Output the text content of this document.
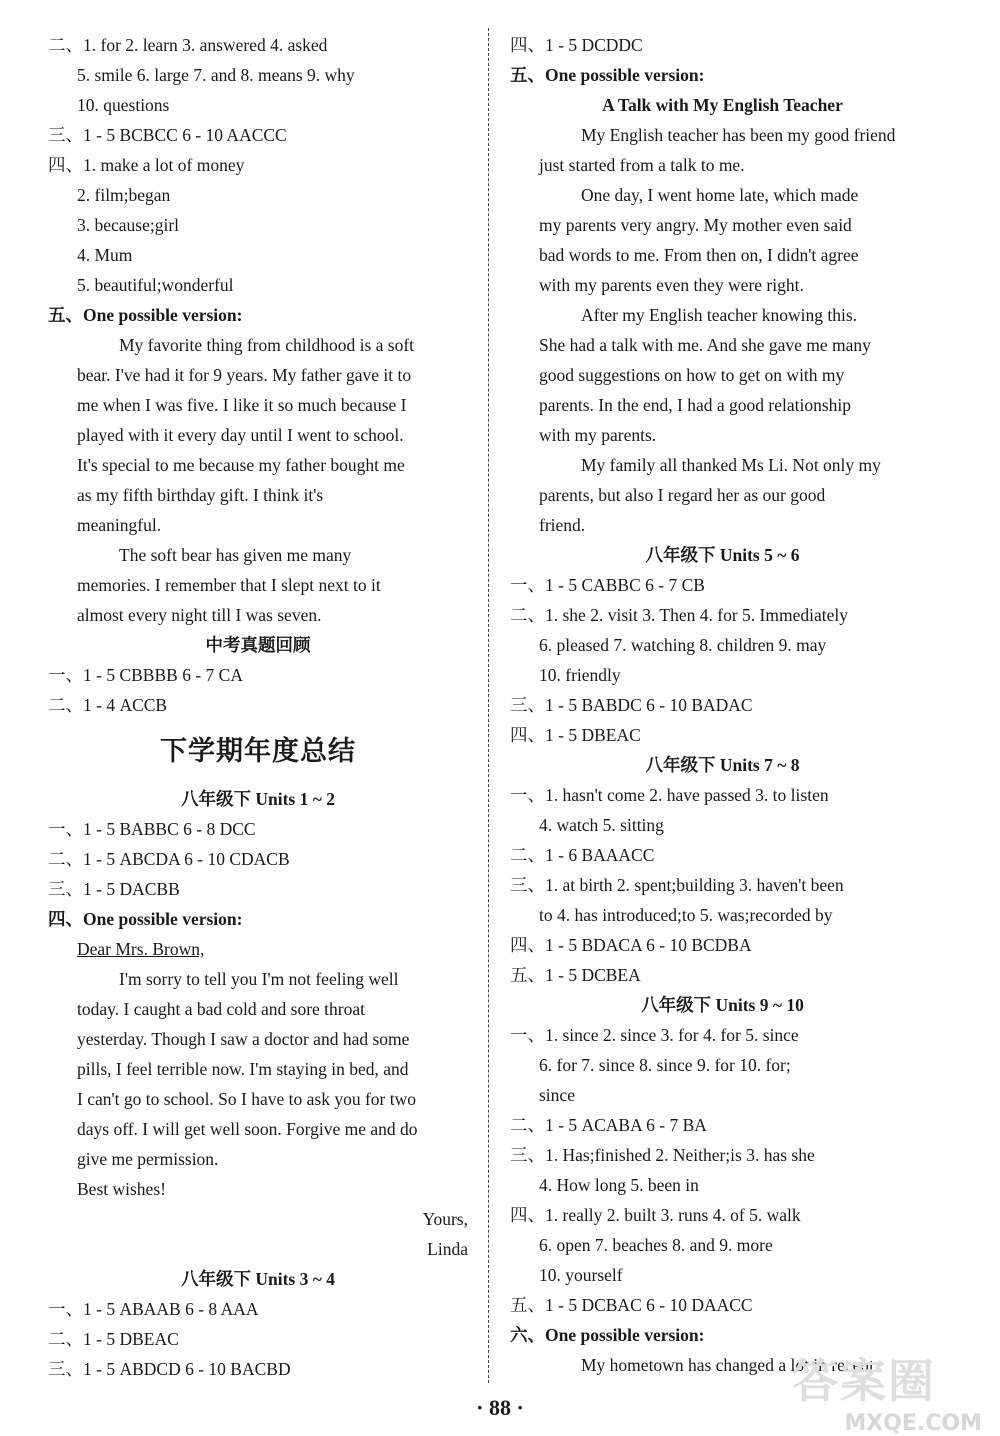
二、1. for 2. learn 3. answered 4. asked
5. smile 6. large 7. and 8. means 9. why
10. questions
三、1 - 5 BCBCC 6 - 10 AACCC
四、1. make a lot of money
2. film;began
3. because;girl
4. Mum
5. beautiful;wonderful
五、One possible version:
My favorite thing from childhood is a soft
bear. I've had it for 9 years. My father gave it to
me when I was five. I like it so much because I
played with it every day until I went to school.
It's special to me because my father bought me
as my fifth birthday gift. I think it's
meaningful.
The soft bear has given me many
memories. I remember that I slept next to it
almost every night till I was seven.
中考真题回顾
一、1 - 5 CBBBB 6 - 7 CA
二、1 - 4 ACCB
下学期年度总结
八年级下 Units 1 ~ 2
一、1 - 5 BABBC 6 - 8 DCC
二、1 - 5 ABCDA 6 - 10 CDACB
三、1 - 5 DACBB
四、One possible version:
Dear Mrs. Brown,
I'm sorry to tell you I'm not feeling well
today. I caught a bad cold and sore throat
yesterday. Though I saw a doctor and had some
pills, I feel terrible now. I'm staying in bed, and
I can't go to school. So I have to ask you for two
days off. I will get well soon. Forgive me and do
give me permission.
Best wishes!
Yours,
Linda
八年级下 Units 3 ~ 4
一、1 - 5 ABAAB 6 - 8 AAA
二、1 - 5 DBEAC
三、1 - 5 ABDCD 6 - 10 BACBD
四、1 - 5 DCDDC
五、One possible version:
A Talk with My English Teacher
My English teacher has been my good friend
just started from a talk to me.
One day, I went home late, which made
my parents very angry. My mother even said
bad words to me. From then on, I didn't agree
with my parents even they were right.
After my English teacher knowing this.
She had a talk with me. And she gave me many
good suggestions on how to get on with my
parents. In the end, I had a good relationship
with my parents.
My family all thanked Ms Li. Not only my
parents, but also I regard her as our good
friend.
八年级下 Units 5 ~ 6
一、1 - 5 CABBC 6 - 7 CB
二、1. she 2. visit 3. Then 4. for 5. Immediately
6. pleased 7. watching 8. children 9. may
10. friendly
三、1 - 5 BABDC 6 - 10 BADAC
四、1 - 5 DBEAC
八年级下 Units 7 ~ 8
一、1. hasn't come 2. have passed 3. to listen
4. watch 5. sitting
二、1 - 6 BAAACC
三、1. at birth 2. spent;building 3. haven't been
to 4. has introduced;to 5. was;recorded by
四、1 - 5 BDACA 6 - 10 BCDBA
五、1 - 5 DCBEA
八年级下 Units 9 ~ 10
一、1. since 2. since 3. for 4. for 5. since
6. for 7. since 8. since 9. for 10. for;
since
二、1 - 5 ACABA 6 - 7 BA
三、1. Has;finished 2. Neither;is 3. has she
4. How long 5. been in
四、1. really 2. built 3. runs 4. of 5. walk
6. open 7. beaches 8. and 9. more
10. yourself
五、1 - 5 DCBAC 6 - 10 DAACC
六、One possible version:
My hometown has changed a lot in recent
· 88 ·	答案圈
MXQE.COM
